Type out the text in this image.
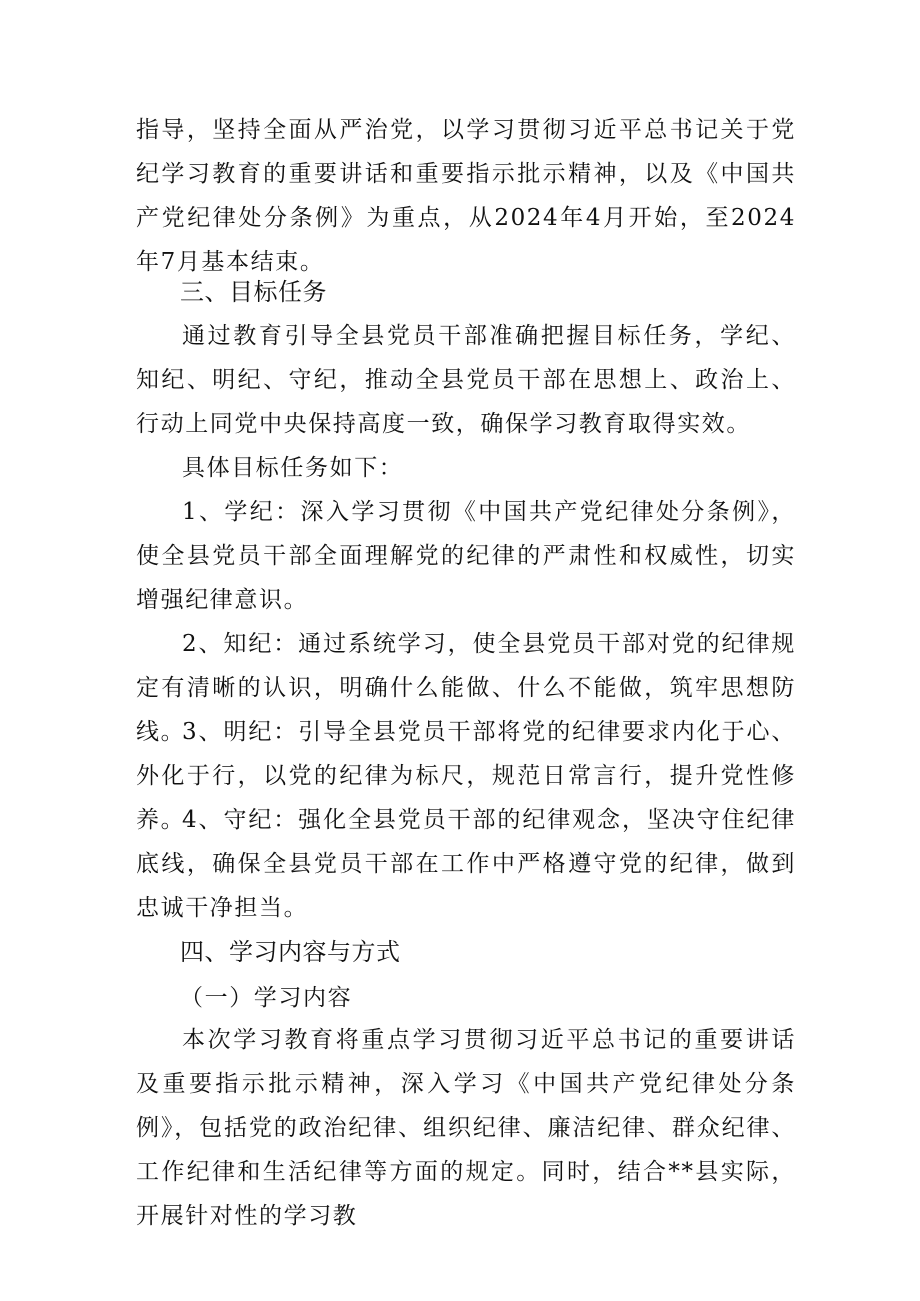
指导，坚持全面从严治党，以学习贯彻习近平总书记关于党纪学习教育的重要讲话和重要指示批示精神，以及《中国共产党纪律处分条例》为重点，从2024年4月开始，至2024年7月基本结束。

三、目标任务

通过教育引导全县党员干部准确把握目标任务，学纪、知纪、明纪、守纪，推动全县党员干部在思想上、政治上、行动上同党中央保持高度一致，确保学习教育取得实效。

具体目标任务如下：

1、学纪：深入学习贯彻《中国共产党纪律处分条例》，使全县党员干部全面理解党的纪律的严肃性和权威性，切实增强纪律意识。

2、知纪：通过系统学习，使全县党员干部对党的纪律规定有清晰的认识，明确什么能做、什么不能做，筑牢思想防线。

3、明纪：引导全县党员干部将党的纪律要求内化于心、外化于行，以党的纪律为标尺，规范日常言行，提升党性修养。

4、守纪：强化全县党员干部的纪律观念，坚决守住纪律底线，确保全县党员干部在工作中严格遵守党的纪律，做到忠诚干净担当。

四、学习内容与方式

（一）学习内容

本次学习教育将重点学习贯彻习近平总书记的重要讲话及重要指示批示精神，深入学习《中国共产党纪律处分条例》，包括党的政治纪律、组织纪律、廉洁纪律、群众纪律、工作纪律和生活纪律等方面的规定。同时，结合**县实际，开展针对性的学习教
